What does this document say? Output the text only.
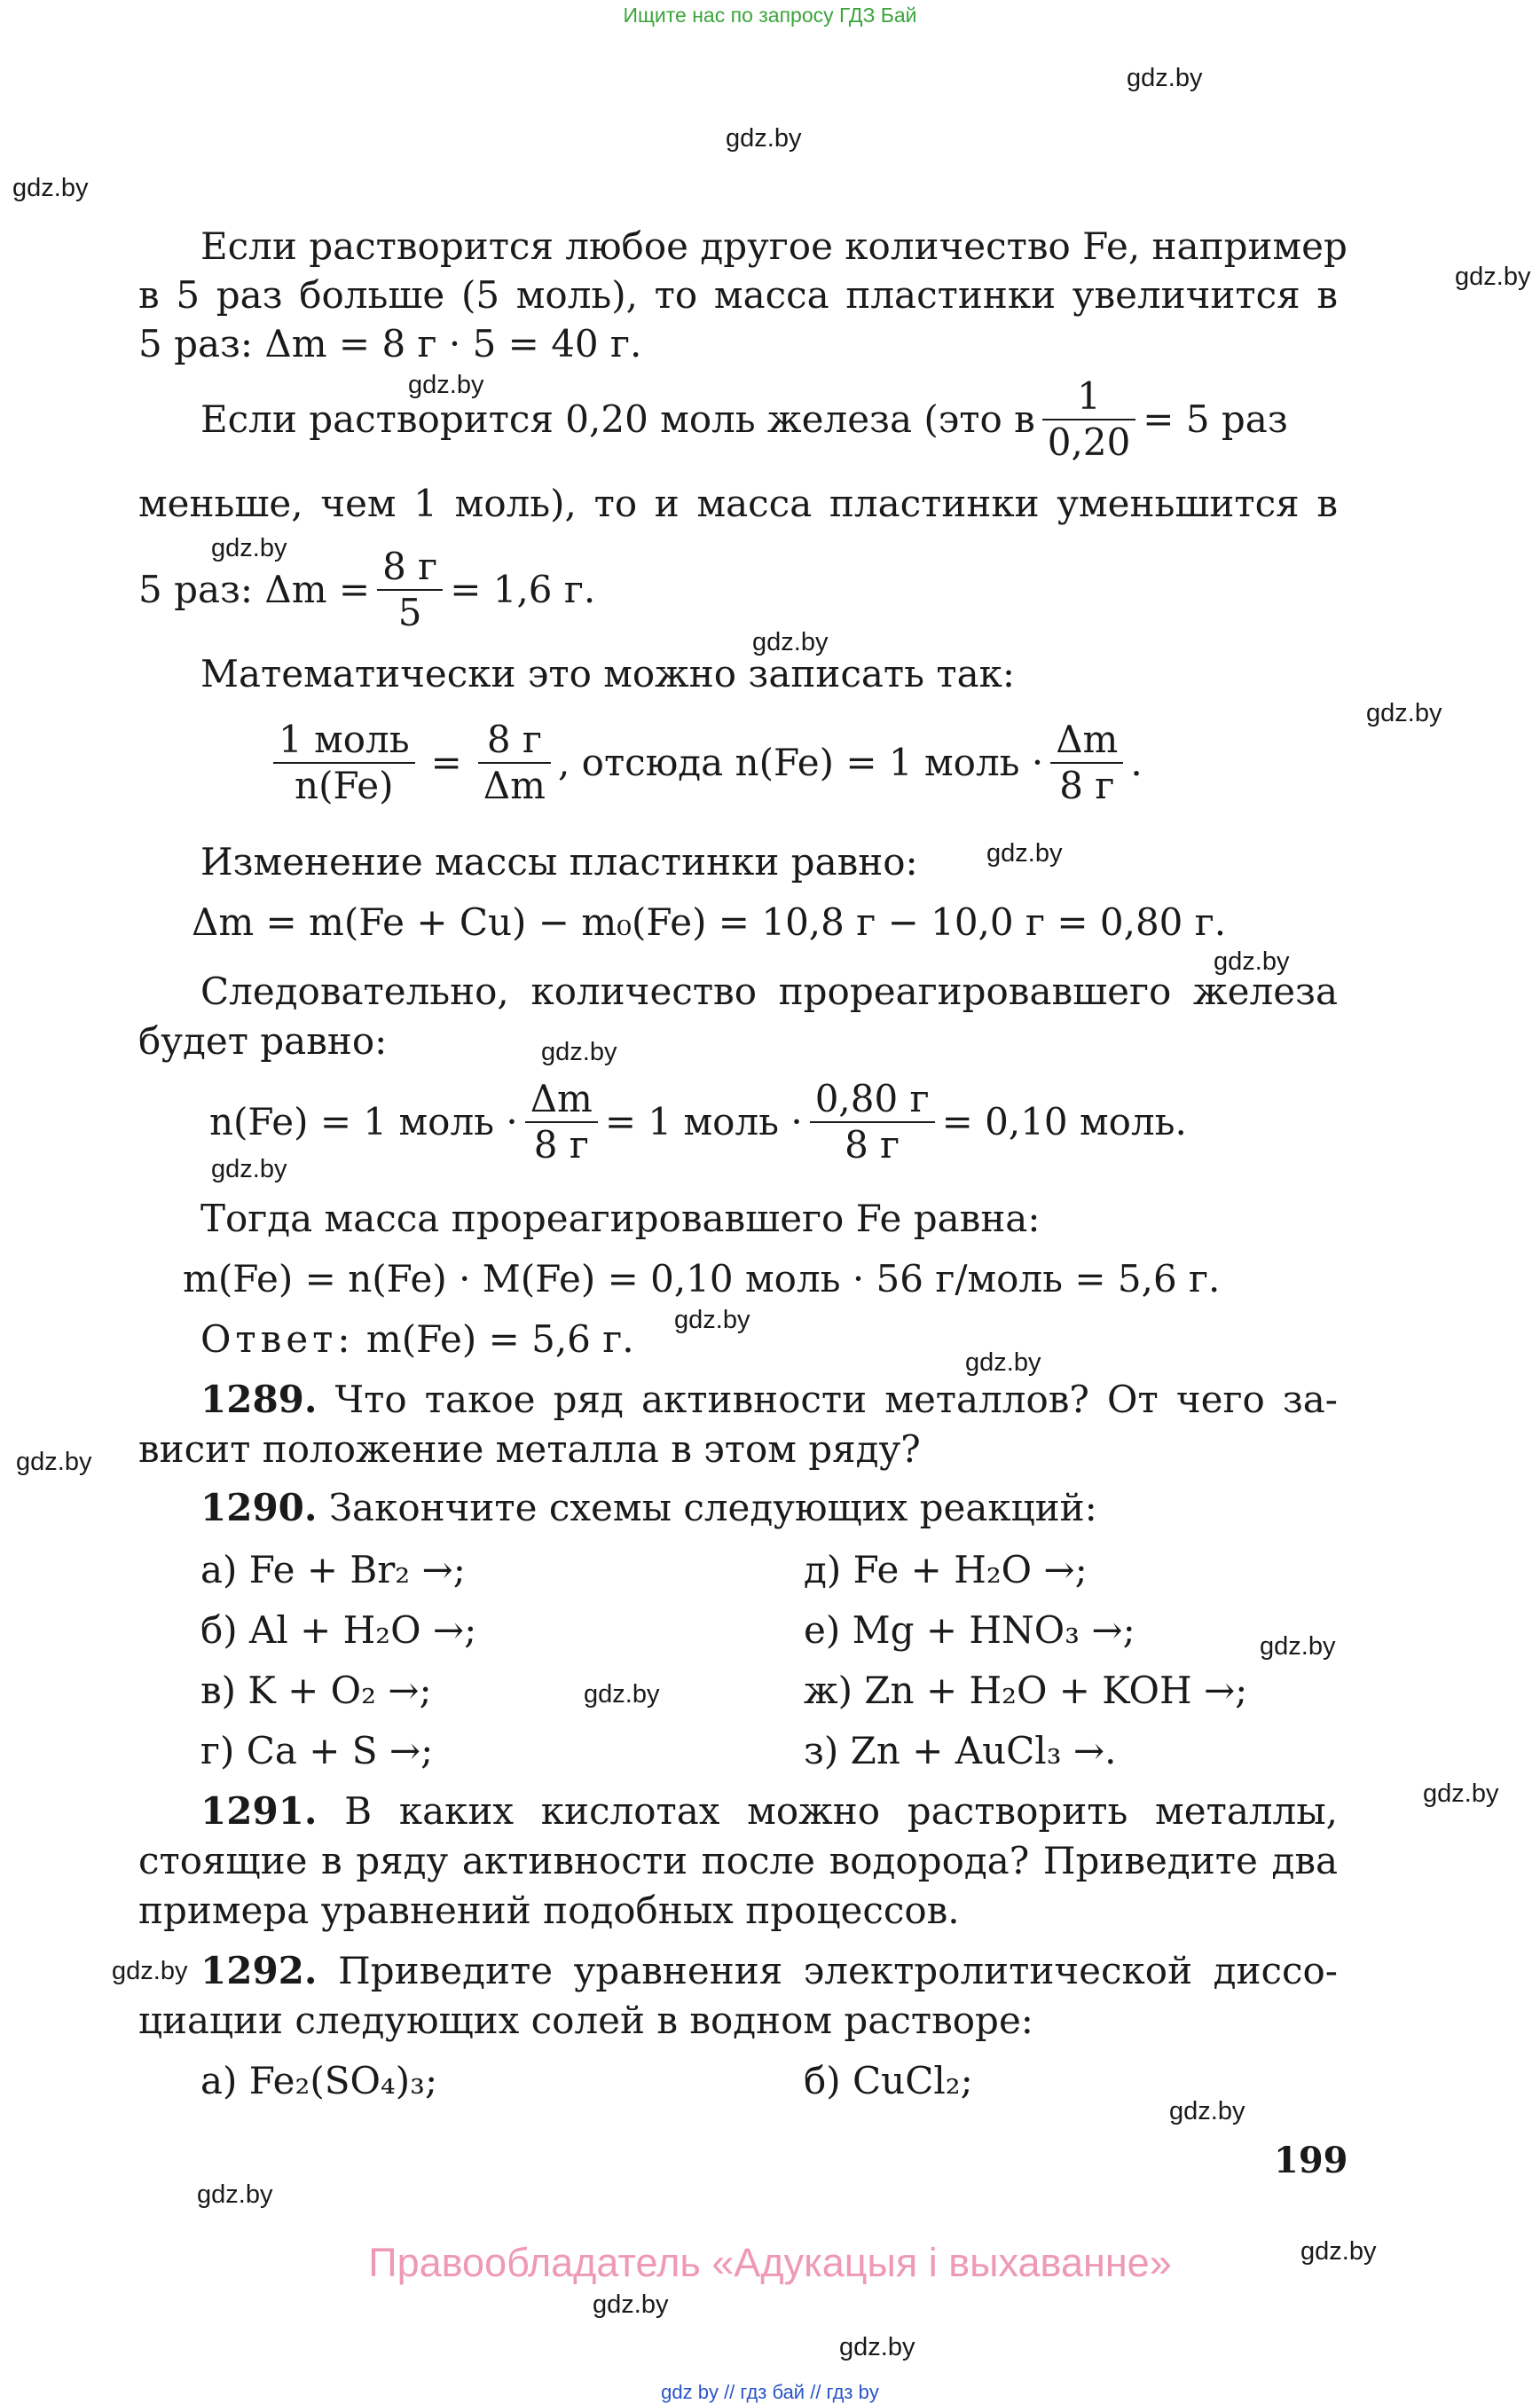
Ищите нас по запросу ГДЗ Бай
gdz.by
gdz.by
gdz.by
gdz.by
gdz.by
gdz.by
gdz.by
gdz.by
gdz.by
gdz.by
gdz.by
gdz.by
gdz.by
gdz.by
gdz.by
gdz.by
gdz.by
gdz.by
gdz.by
gdz.by
gdz.by
gdz.by
gdz.by
gdz.by
Если растворится любое другое количество Fe, например
в 5 раз больше (5 моль), то масса пластинки увеличится в
5 раз: Δm = 8 г · 5 = 40 г.
Если растворится 0,20 моль железа (это в $\frac{1}{0,20} = 5$ раз
меньше, чем 1 моль), то и масса пластинки уменьшится в
5 раз: $\Delta m = \frac{8 г}{5} = 1,6$ г.
Математически это можно записать так:
$\frac{\text{1 моль}}{n(Fe)} = \frac{8 г}{\Delta m}$ , отсюда n(Fe) = 1 моль · $\frac{\Delta m}{8 г}$ .
Изменение массы пластинки равно:
Δm = m(Fe + Cu) − m₀(Fe) = 10,8 г − 10,0 г = 0,80 г.
Следовательно, количество прореагировавшего железа
будет равно:
n(Fe) = 1 моль · $\frac{\Delta m}{8 г} = 1$ моль · $\frac{0,80 г}{8 г} = 0,10$ моль.
Тогда масса прореагировавшего Fe равна:
m(Fe) = n(Fe) · M(Fe) = 0,10 моль · 56 г/моль = 5,6 г.
Ответ: m(Fe) = 5,6 г.
1289. Что такое ряд активности металлов? От чего за-
висит положение металла в этом ряду?
1290. Закончите схемы следующих реакций:
а) Fe + Br₂ →;	д) Fe + H₂O →;
б) Al + H₂O →;	е) Mg + HNO₃ →;
в) K + O₂ →;	ж) Zn + H₂O + KOH →;
г) Ca + S →;	з) Zn + AuCl₃ →.
1291. В каких кислотах можно растворить металлы,
стоящие в ряду активности после водорода? Приведите два
примера уравнений подобных процессов.
1292. Приведите уравнения электролитической диссо-
циации следующих солей в водном растворе:
а) Fe₂(SO₄)₃;	б) CuCl₂;
199
Правообладатель «Адукацыя і выхаванне»
gdz by // гдз бай // гдз by
